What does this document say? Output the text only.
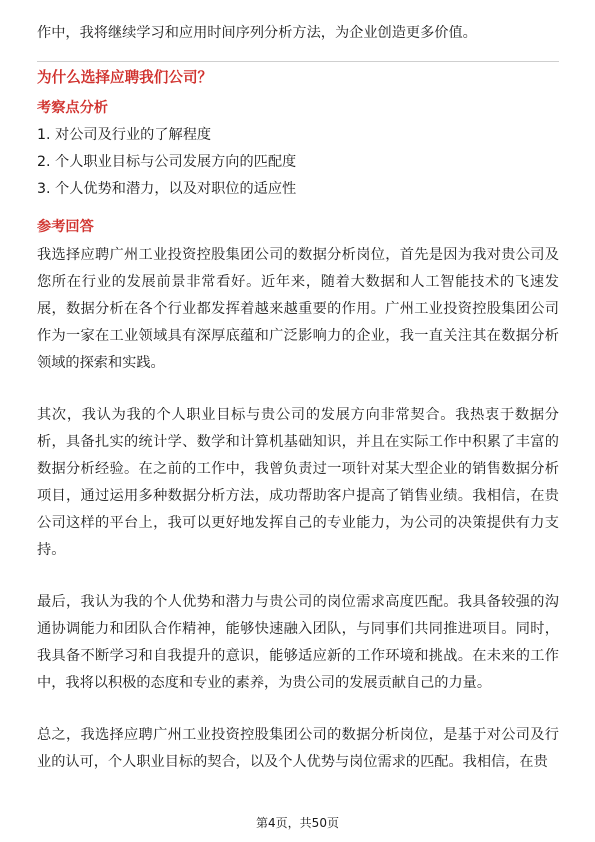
作中，我将继续学习和应用时间序列分析方法，为企业创造更多价值。

为什么选择应聘我们公司？
考察点分析
1. 对公司及行业的了解程度
2. 个人职业目标与公司发展方向的匹配度
3. 个人优势和潜力，以及对职位的适应性
参考回答

我选择应聘广州工业投资控股集团公司的数据分析岗位，首先是因为我对贵公司及您所在行业的发展前景非常看好。近年来，随着大数据和人工智能技术的飞速发展，数据分析在各个行业都发挥着越来越重要的作用。广州工业投资控股集团公司作为一家在工业领域具有深厚底蕴和广泛影响力的企业，我一直关注其在数据分析领域的探索和实践。

其次，我认为我的个人职业目标与贵公司的发展方向非常契合。我热衷于数据分析，具备扎实的统计学、数学和计算机基础知识，并且在实际工作中积累了丰富的数据分析经验。在之前的工作中，我曾负责过一项针对某大型企业的销售数据分析项目，通过运用多种数据分析方法，成功帮助客户提高了销售业绩。我相信，在贵公司这样的平台上，我可以更好地发挥自己的专业能力，为公司的决策提供有力支持。

最后，我认为我的个人优势和潜力与贵公司的岗位需求高度匹配。我具备较强的沟通协调能力和团队合作精神，能够快速融入团队，与同事们共同推进项目。同时，我具备不断学习和自我提升的意识，能够适应新的工作环境和挑战。在未来的工作中，我将以积极的态度和专业的素养，为贵公司的发展贡献自己的力量。

总之，我选择应聘广州工业投资控股集团公司的数据分析岗位，是基于对公司及行业的认可，个人职业目标的契合，以及个人优势与岗位需求的匹配。我相信，在贵

第4页，共50页
